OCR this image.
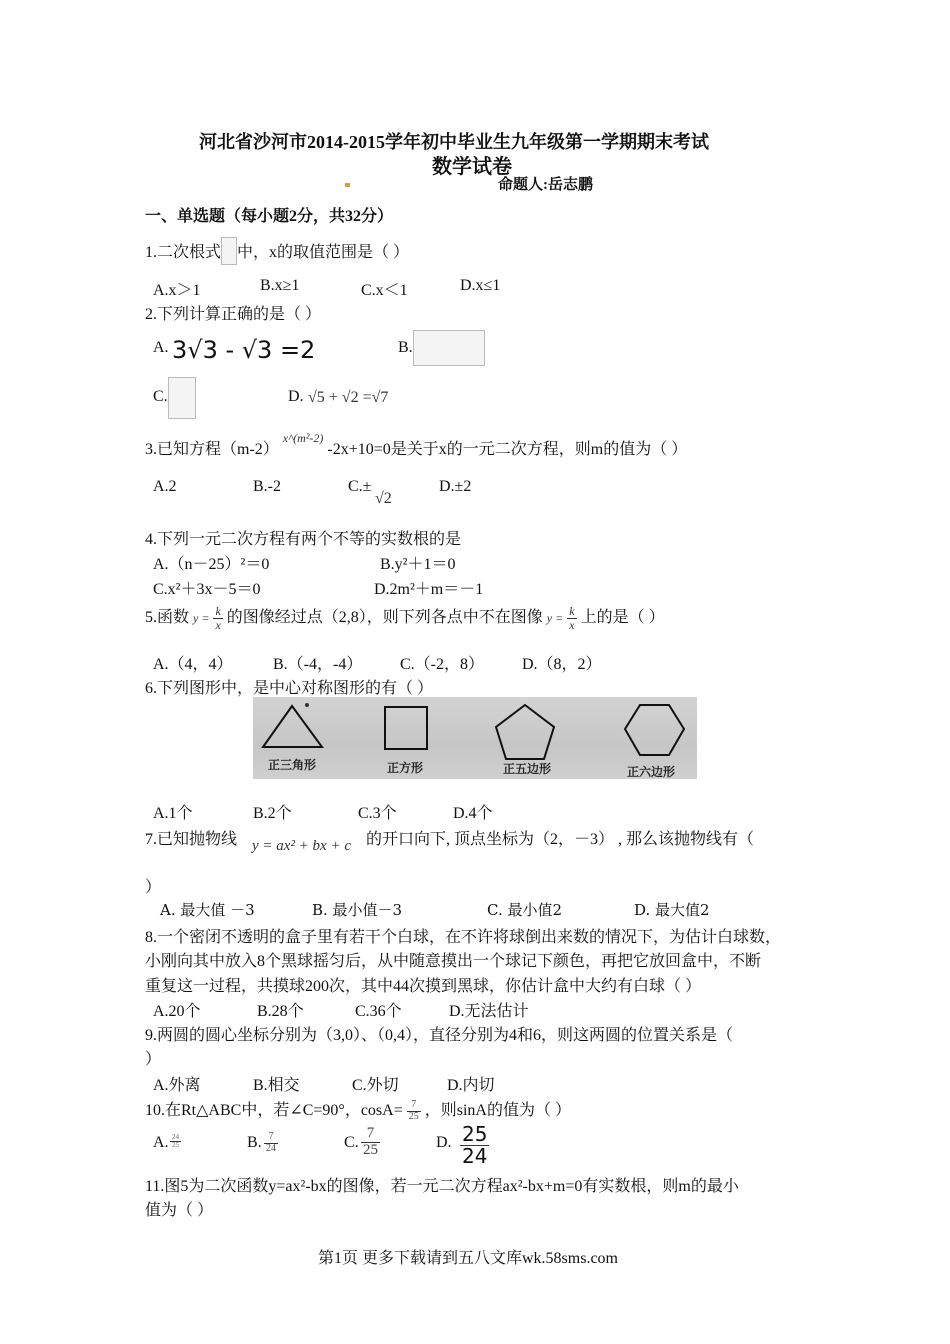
河北省沙河市2014-2015学年初中毕业生九年级第一学期期末考试
数学试卷
命题人:岳志鹏
一、单选题（每小题2分，共32分）
1.二次根式 中，x的取值范围是（ ）
A.x＞1	B.x≥1	C.x＜1	D.x≤1
2.下列计算正确的是（ ）
A. 3√3 - √3 =2	B.
C.	D. √5 + √2 =√7
3.已知方程$(m-2)^{x\^{}(m^2-2)}-2x+10=0$是关于x的一元二次方程，则m的值为（ ）
A.2	B.-2	C.±
√2
D.±2
4.下列一元二次方程有两个不等的实数根的是
A.（n－25）²＝0	B.y²＋1＝0
C.x²＋3x－5＝0	D.2m²＋m＝－1
5.函数 $y = \frac{k}{x}$ 的图像经过点（2,8），则下列各点中不在图像 $y = \frac{k}{x}$ 上的是（ ）
A.（4，4）	B.（-4，-4） C.（-2，8） D.（8，2）
6.下列图形中，是中心对称图形的有（ ）
正三角形	正方形	正五边形	正六边形
A.1个	B.2个	C.3个	D.4个
7.已知抛物线 y = ax² + bx + c 的开口向下, 顶点坐标为（2，－3） , 那么该抛物线有（
）
A. 最大值 －3	B. 最小值－3	C. 最小值2	D. 最大值2
8.一个密闭不透明的盒子里有若干个白球，在不许将球倒出来数的情况下，为估计白球数，
小刚向其中放入8个黑球摇匀后，从中随意摸出一个球记下颜色，再把它放回盒中，不断
重复这一过程，共摸球200次，其中44次摸到黑球，你估计盒中大约有白球（ ）
A.20个	B.28个	C.36个	D.无法估计
9.两圆的圆心坐标分别为（3,0）、（0,4），直径分别为4和6，则这两圆的位置关系是（
）
A.外离	B.相交	C.外切	D.内切
10.在Rt△ABC中，若∠C=90°，$\cos A= \frac{7}{25}$ ，则sinA的值为（ ）
A. $\frac{24}{25}$	B. $\frac{7}{24}$	C. $\frac{7}{25}$	D. $\frac{25}{24}$
11.图5为二次函数y=ax²-bx的图像，若一元二次方程ax²-bx+m=0有实数根，则m的最小
值为（ ）
第1页 更多下载请到五八文库wk.58sms.com
